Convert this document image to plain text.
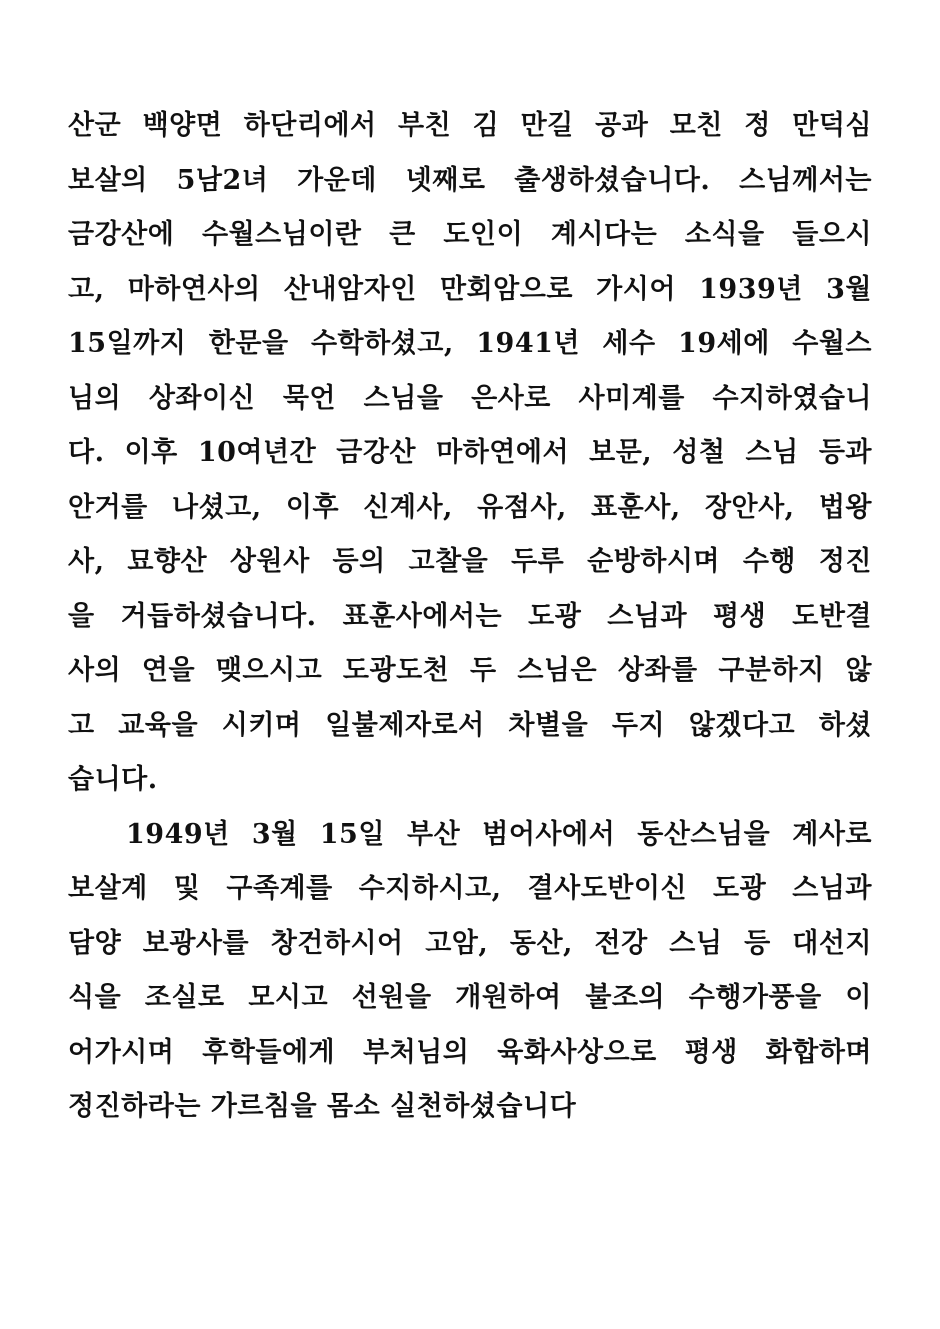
산군 백양면 하단리에서 부친 김 만길 공과 모친 정 만덕심
보살의 5남2녀 가운데 넷째로 출생하셨습니다. 스님께서는
금강산에 수월스님이란 큰 도인이 계시다는 소식을 들으시
고, 마하연사의 산내암자인 만회암으로 가시어 1939년 3월
15일까지 한문을 수학하셨고, 1941년 세수 19세에 수월스
님의 상좌이신 묵언 스님을 은사로 사미계를 수지하였습니
다. 이후 10여년간 금강산 마하연에서 보문, 성철 스님 등과
안거를 나셨고, 이후 신계사, 유점사, 표훈사, 장안사, 법왕
사, 묘향산 상원사 등의 고찰을 두루 순방하시며 수행 정진
을 거듭하셨습니다. 표훈사에서는 도광 스님과 평생 도반결
사의 연을 맺으시고 도광도천 두 스님은 상좌를 구분하지 않
고 교육을 시키며 일불제자로서 차별을 두지 않겠다고 하셨
습니다.
1949년 3월 15일 부산 범어사에서 동산스님을 계사로
보살계 및 구족계를 수지하시고, 결사도반이신 도광 스님과
담양 보광사를 창건하시어 고암, 동산, 전강 스님 등 대선지
식을 조실로 모시고 선원을 개원하여 불조의 수행가풍을 이
어가시며 후학들에게 부처님의 육화사상으로 평생 화합하며
정진하라는 가르침을 몸소 실천하셨습니다
